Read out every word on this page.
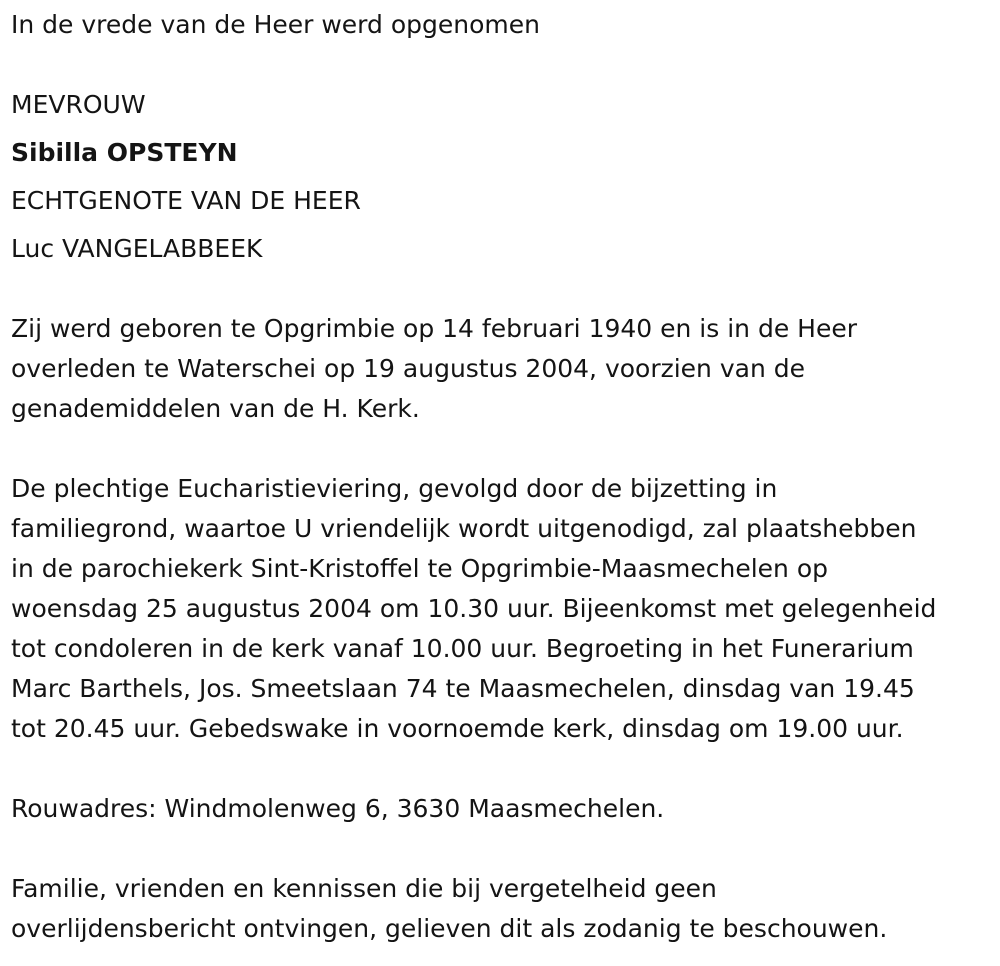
In de vrede van de Heer werd opgenomen
MEVROUW
Sibilla OPSTEYN
ECHTGENOTE VAN DE HEER
Luc VANGELABBEEK
Zij werd geboren te Opgrimbie op 14 februari 1940 en is in de Heer
overleden te Waterschei op 19 augustus 2004, voorzien van de
genademiddelen van de H. Kerk.
De plechtige Eucharistieviering, gevolgd door de bijzetting in
familiegrond, waartoe U vriendelijk wordt uitgenodigd, zal plaatshebben
in de parochiekerk Sint-Kristoffel te Opgrimbie-Maasmechelen op
woensdag 25 augustus 2004 om 10.30 uur. Bijeenkomst met gelegenheid
tot condoleren in de kerk vanaf 10.00 uur. Begroeting in het Funerarium
Marc Barthels, Jos. Smeetslaan 74 te Maasmechelen, dinsdag van 19.45
tot 20.45 uur. Gebedswake in voornoemde kerk, dinsdag om 19.00 uur.
Rouwadres: Windmolenweg 6, 3630 Maasmechelen.
Familie, vrienden en kennissen die bij vergetelheid geen
overlijdensbericht ontvingen, gelieven dit als zodanig te beschouwen.
